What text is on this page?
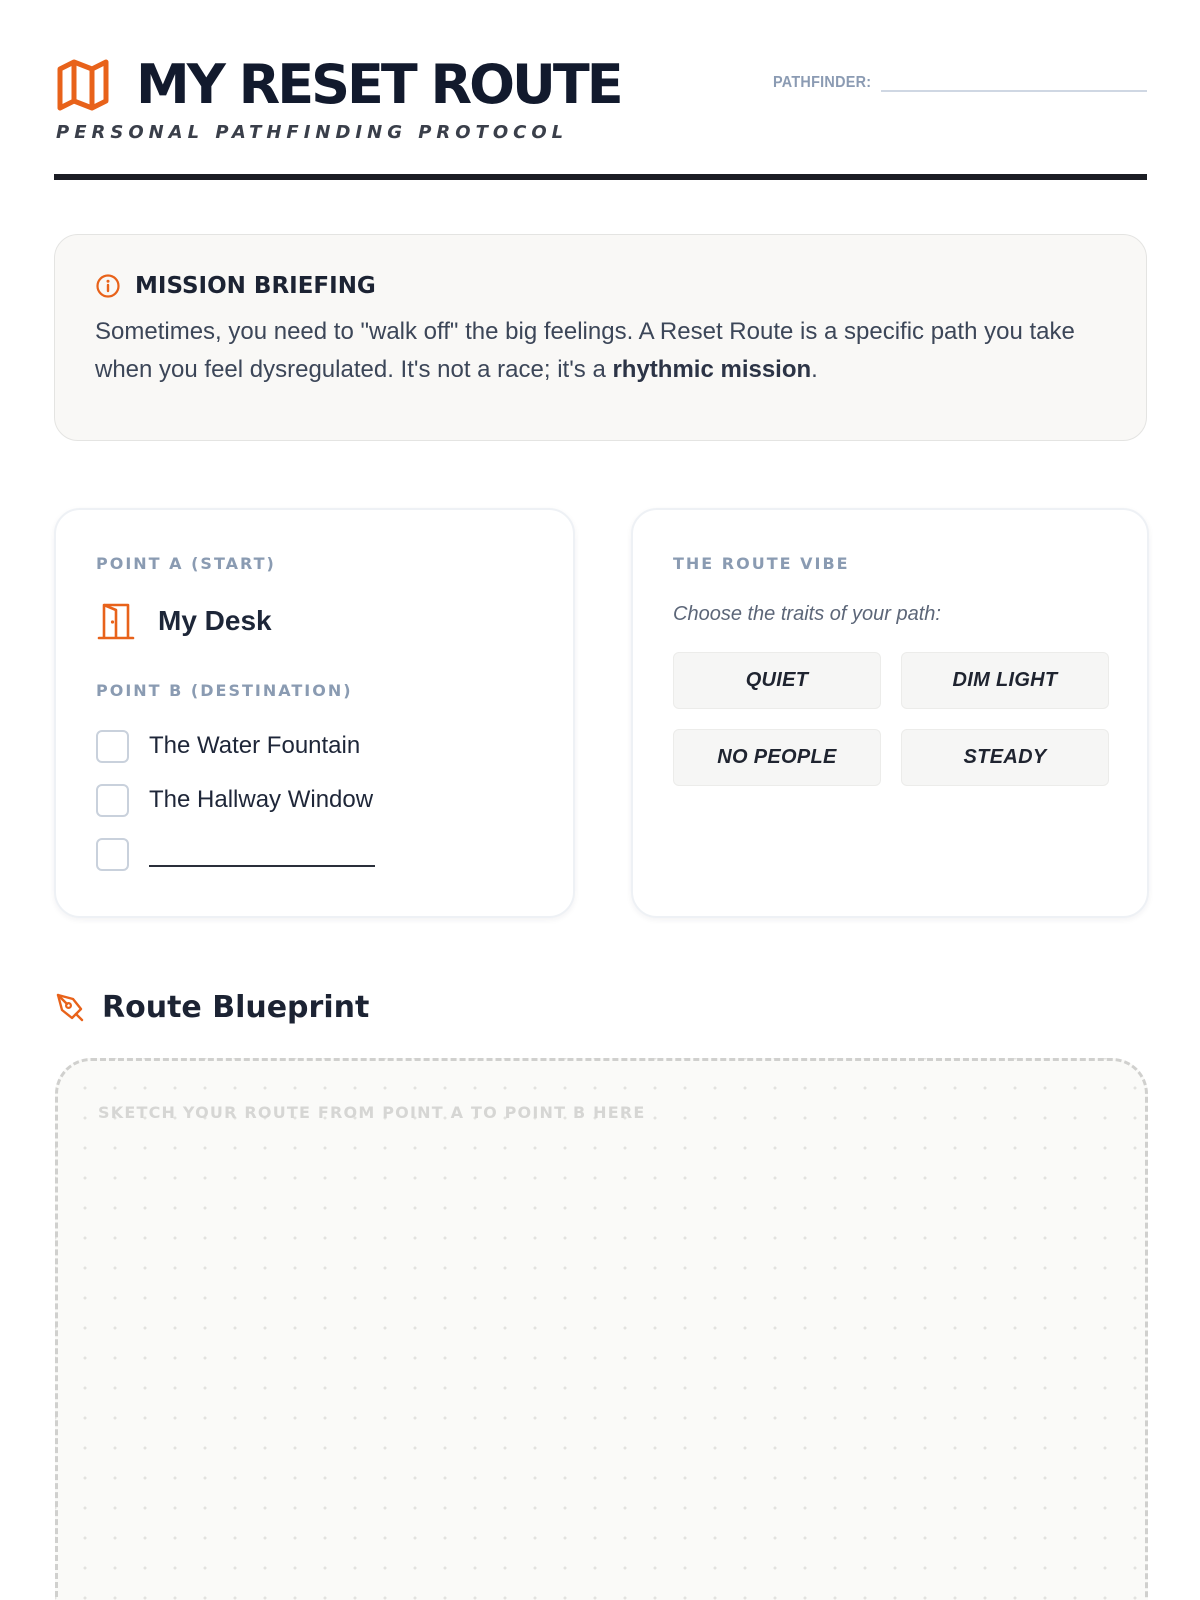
MY RESET ROUTE
PERSONAL PATHFINDING PROTOCOL
PATHFINDER:
MISSION BRIEFING

Sometimes, you need to "walk off" the big feelings. A Reset Route is a specific path you take when you feel dysregulated. It's not a race; it's a rhythmic mission.

POINT A (START)
My Desk
POINT B (DESTINATION)
The Water Fountain
The Hallway Window
THE ROUTE VIBE
Choose the traits of your path:
QUIET	DIM LIGHT
NO PEOPLE	STEADY
Route Blueprint
SKETCH YOUR ROUTE FROM POINT A TO POINT B HERE
